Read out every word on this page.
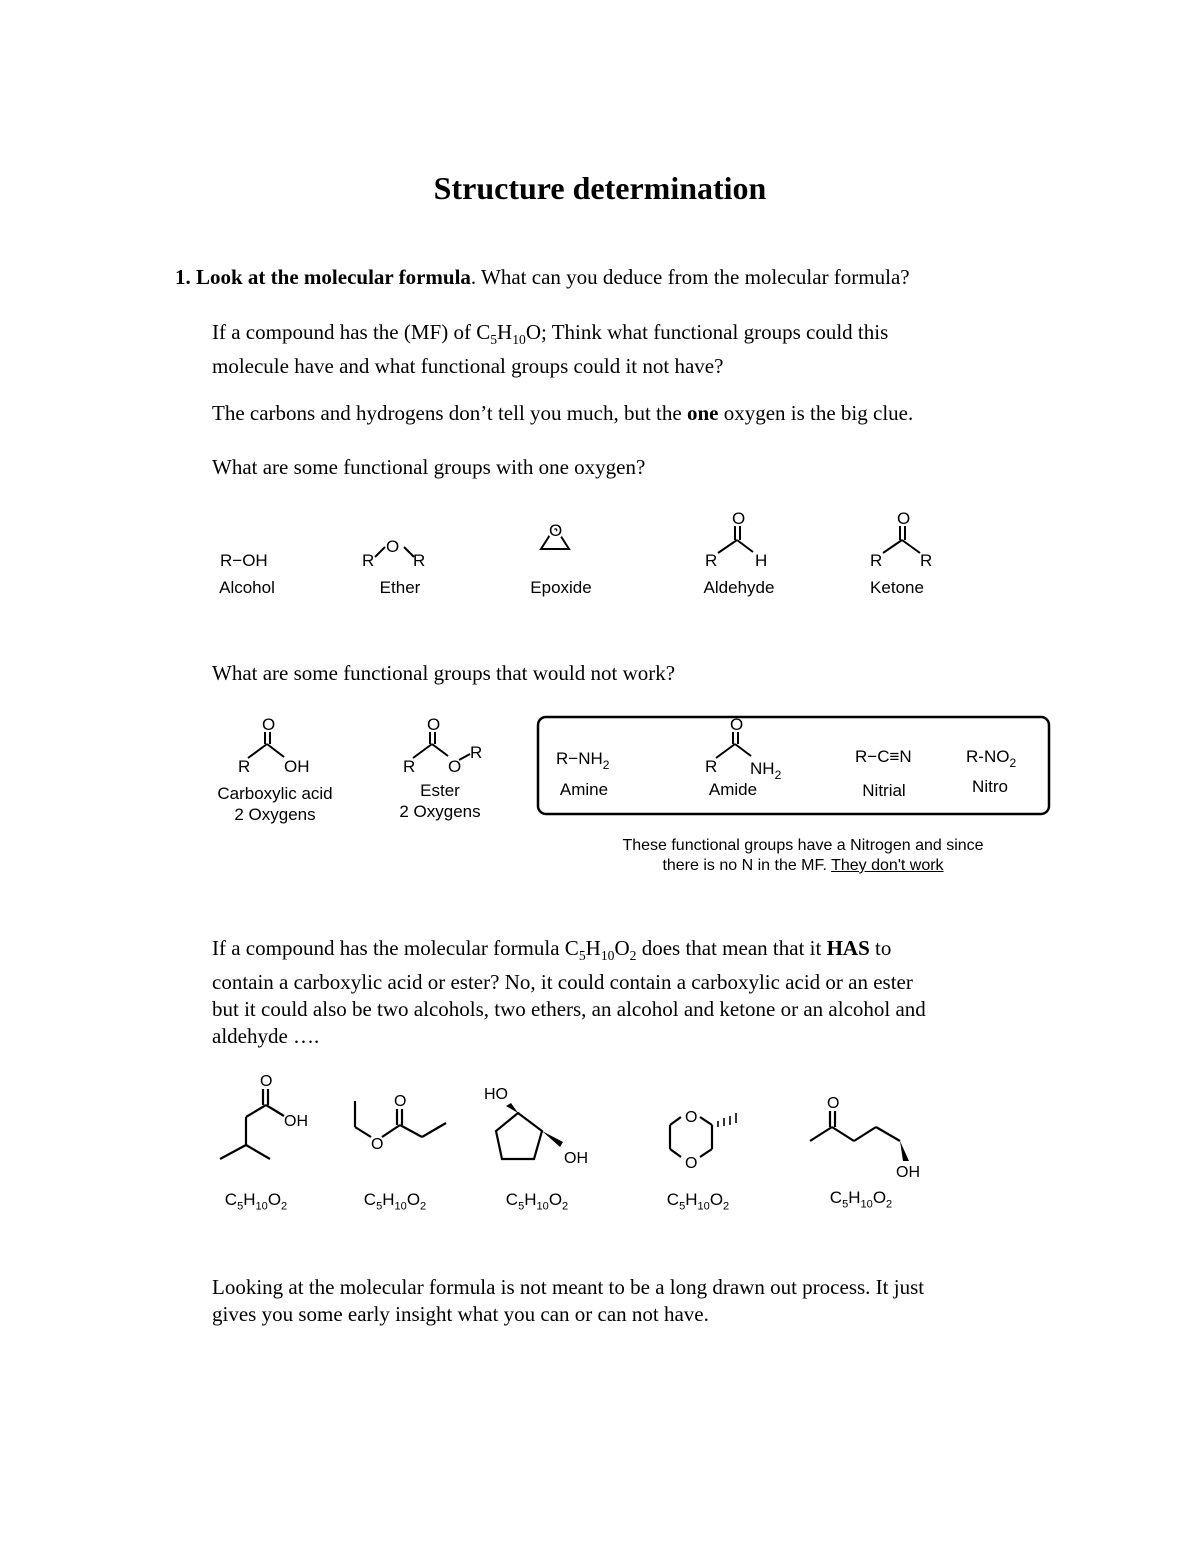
Structure determination
1. Look at the molecular formula. What can you deduce from the molecular formula?
If a compound has the (MF) of $C_5H_{10}O$; Think what functional groups could this
molecule have and what functional groups could it not have?
The carbons and hydrogens don’t tell you much, but the one oxygen is the big clue.
What are some functional groups with one oxygen?
R−OH	R
O
R
O
O
R H
O
R R
Alcohol	Ether	Epoxide	Aldehyde	Ketone
What are some functional groups that would not work?
O
R OH
O
R O
R	$R-NH_2$
O
R $NH_2$
R−C≡N	$R-NO_2$
Carboxylic acid
2 Oxygens
Ester
2 Oxygens
Amine	Amide	Nitrial	Nitro
These functional groups have a Nitrogen and since
there is no N in the MF. They don't work
If a compound has the molecular formula $C_5H_{10}O_2$ does that mean that it HAS to
contain a carboxylic acid or ester? No, it could contain a carboxylic acid or an ester
but it could also be two alcohols, two ethers, an alcohol and ketone or an alcohol and
aldehyde ….
O
OH
O
O
HO
OH
O
O
O
OH
$C_5H_{10}O_2$	$C_5H_{10}O_2$	$C_5H_{10}O_2$	$C_5H_{10}O_2$	$C_5H_{10}O_2$
Looking at the molecular formula is not meant to be a long drawn out process. It just
gives you some early insight what you can or can not have.
